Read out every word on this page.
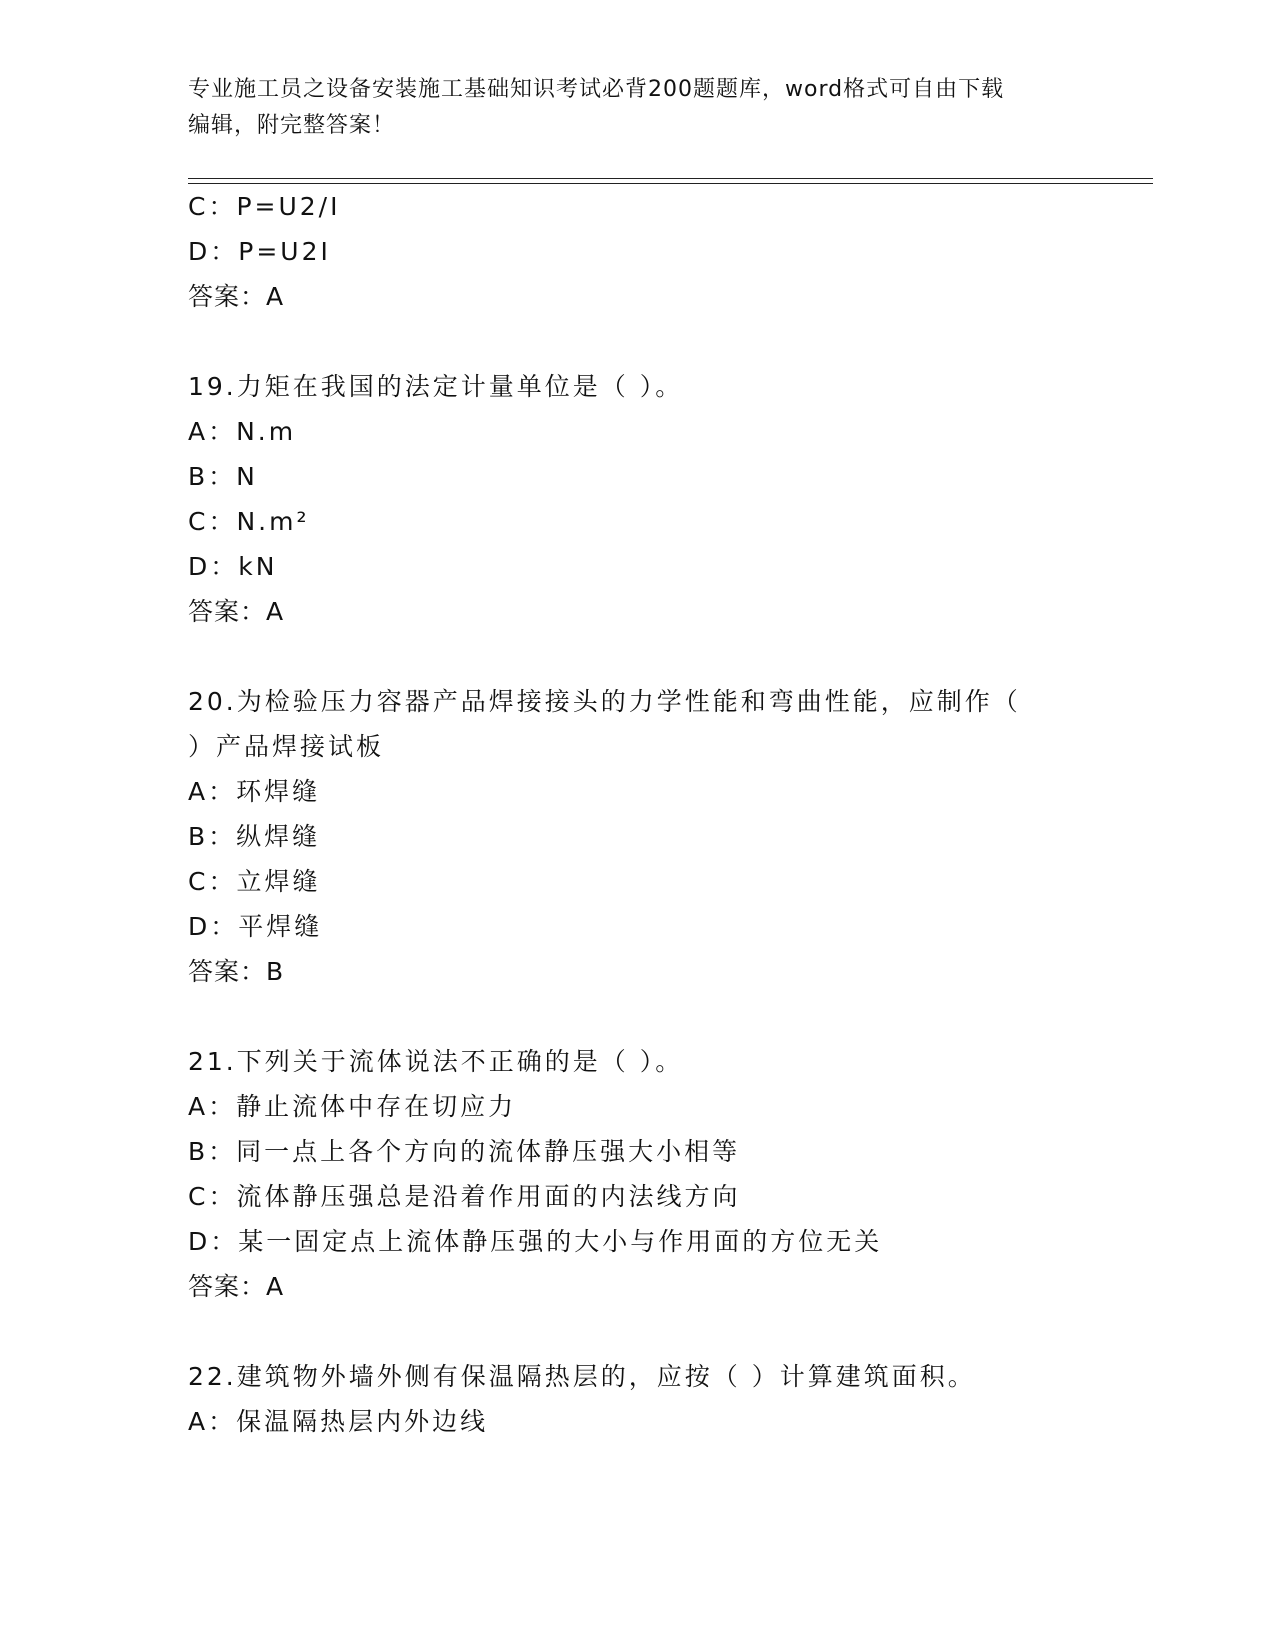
专业施工员之设备安装施工基础知识考试必背200题题库，word格式可自由下载
编辑，附完整答案！
C：P=U2/I
D：P=U2I
答案：A
19.力矩在我国的法定计量单位是（ ）。
A：N.m
B：N
C：N.m²
D：kN
答案：A
20.为检验压力容器产品焊接接头的力学性能和弯曲性能，应制作（
）产品焊接试板
A：环焊缝
B：纵焊缝
C：立焊缝
D：平焊缝
答案：B
21.下列关于流体说法不正确的是（ ）。
A：静止流体中存在切应力
B：同一点上各个方向的流体静压强大小相等
C：流体静压强总是沿着作用面的内法线方向
D：某一固定点上流体静压强的大小与作用面的方位无关
答案：A
22.建筑物外墙外侧有保温隔热层的，应按（ ）计算建筑面积。
A：保温隔热层内外边线
